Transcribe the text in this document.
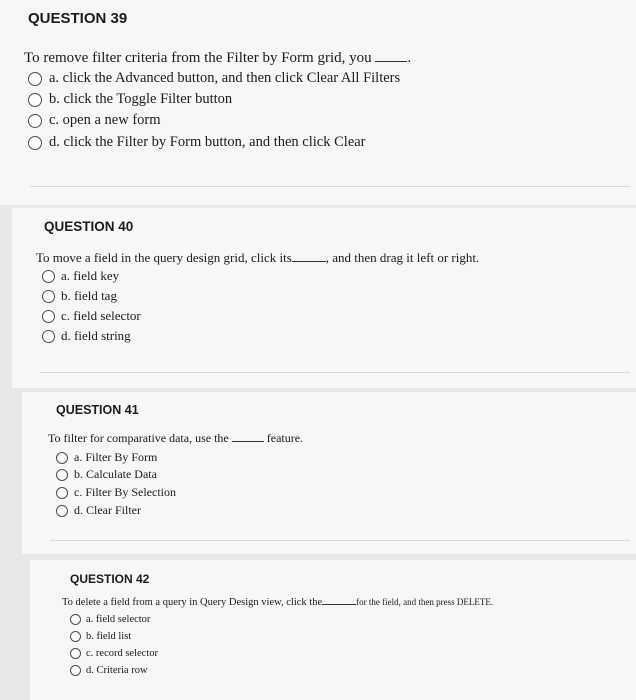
QUESTION 39
To remove filter criteria from the Filter by Form grid, you .
a. click the Advanced button, and then click Clear All Filters
b. click the Toggle Filter button
c. open a new form
d. click the Filter by Form button, and then click Clear
QUESTION 40
To move a field in the query design grid, click its	, and then drag it left or right.
a. field key
b. field tag
c. field selector
d. field string
QUESTION 41
To filter for comparative data, use the	feature.
a. Filter By Form
b. Calculate Data
c. Filter By Selection
d. Clear Filter
QUESTION 42
To delete a field from a query in Query Design view, click the	for the field, and then press DELETE.
a. field selector
b. field list
c. record selector
d. Criteria row
